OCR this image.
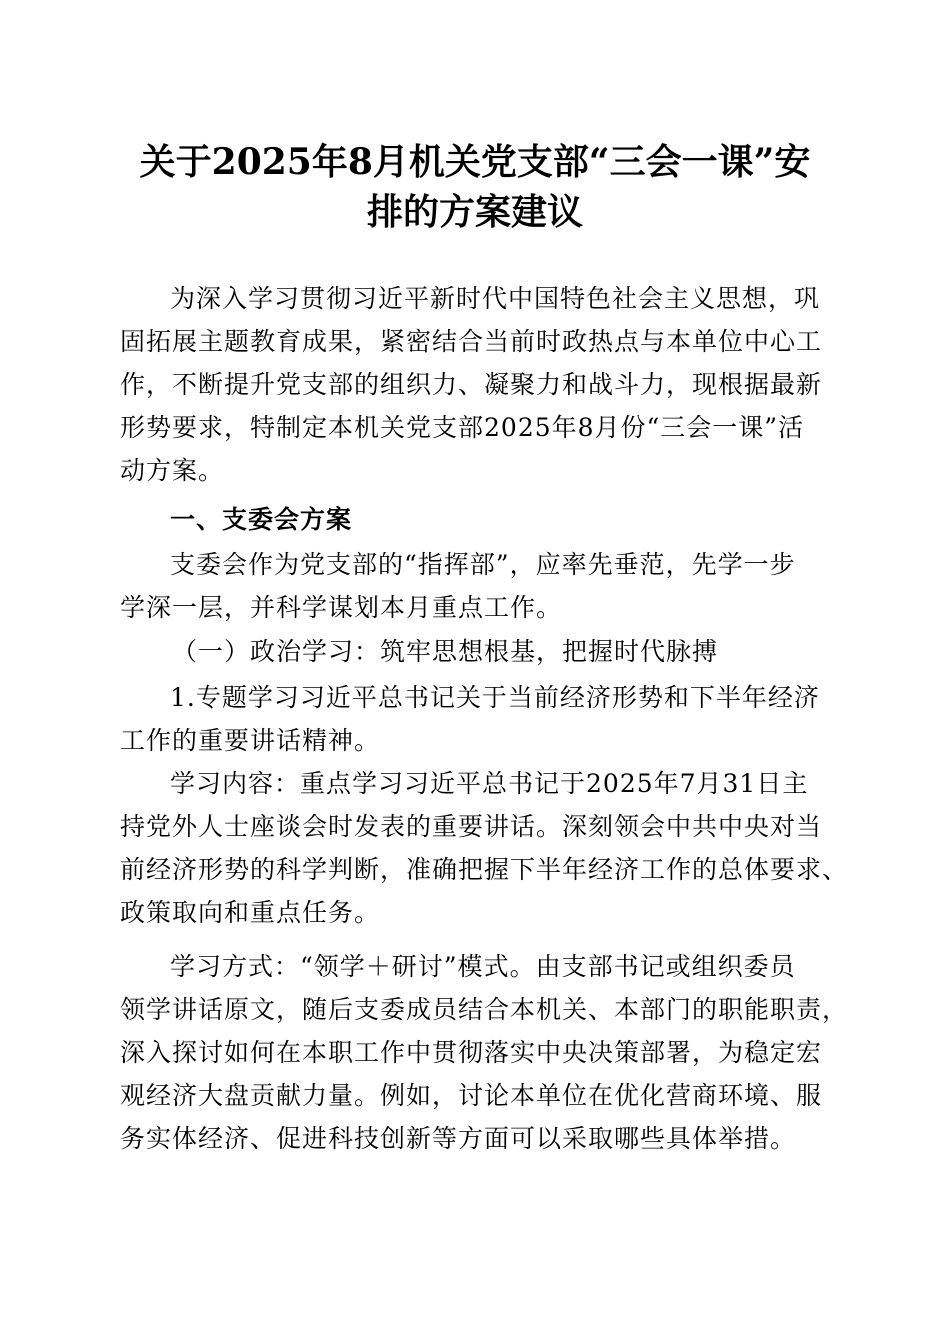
关于2025年8月机关党支部“三会一课”安
排的方案建议

为深入学习贯彻习近平新时代中国特色社会主义思想，巩

固拓展主题教育成果，紧密结合当前时政热点与本单位中心工

作，不断提升党支部的组织力、凝聚力和战斗力，现根据最新

形势要求，特制定本机关党支部2025年8月份“三会一课”活

动方案。

一、支委会方案

支委会作为党支部的“指挥部”，应率先垂范，先学一步

学深一层，并科学谋划本月重点工作。

（一）政治学习：筑牢思想根基，把握时代脉搏

1.专题学习习近平总书记关于当前经济形势和下半年经济

工作的重要讲话精神。

学习内容：重点学习习近平总书记于2025年7月31日主

持党外人士座谈会时发表的重要讲话。深刻领会中共中央对当

前经济形势的科学判断，准确把握下半年经济工作的总体要求、

政策取向和重点任务。

学习方式：“领学＋研讨”模式。由支部书记或组织委员

领学讲话原文，随后支委成员结合本机关、本部门的职能职责，

深入探讨如何在本职工作中贯彻落实中央决策部署，为稳定宏

观经济大盘贡献力量。例如，讨论本单位在优化营商环境、服

务实体经济、促进科技创新等方面可以采取哪些具体举措。
